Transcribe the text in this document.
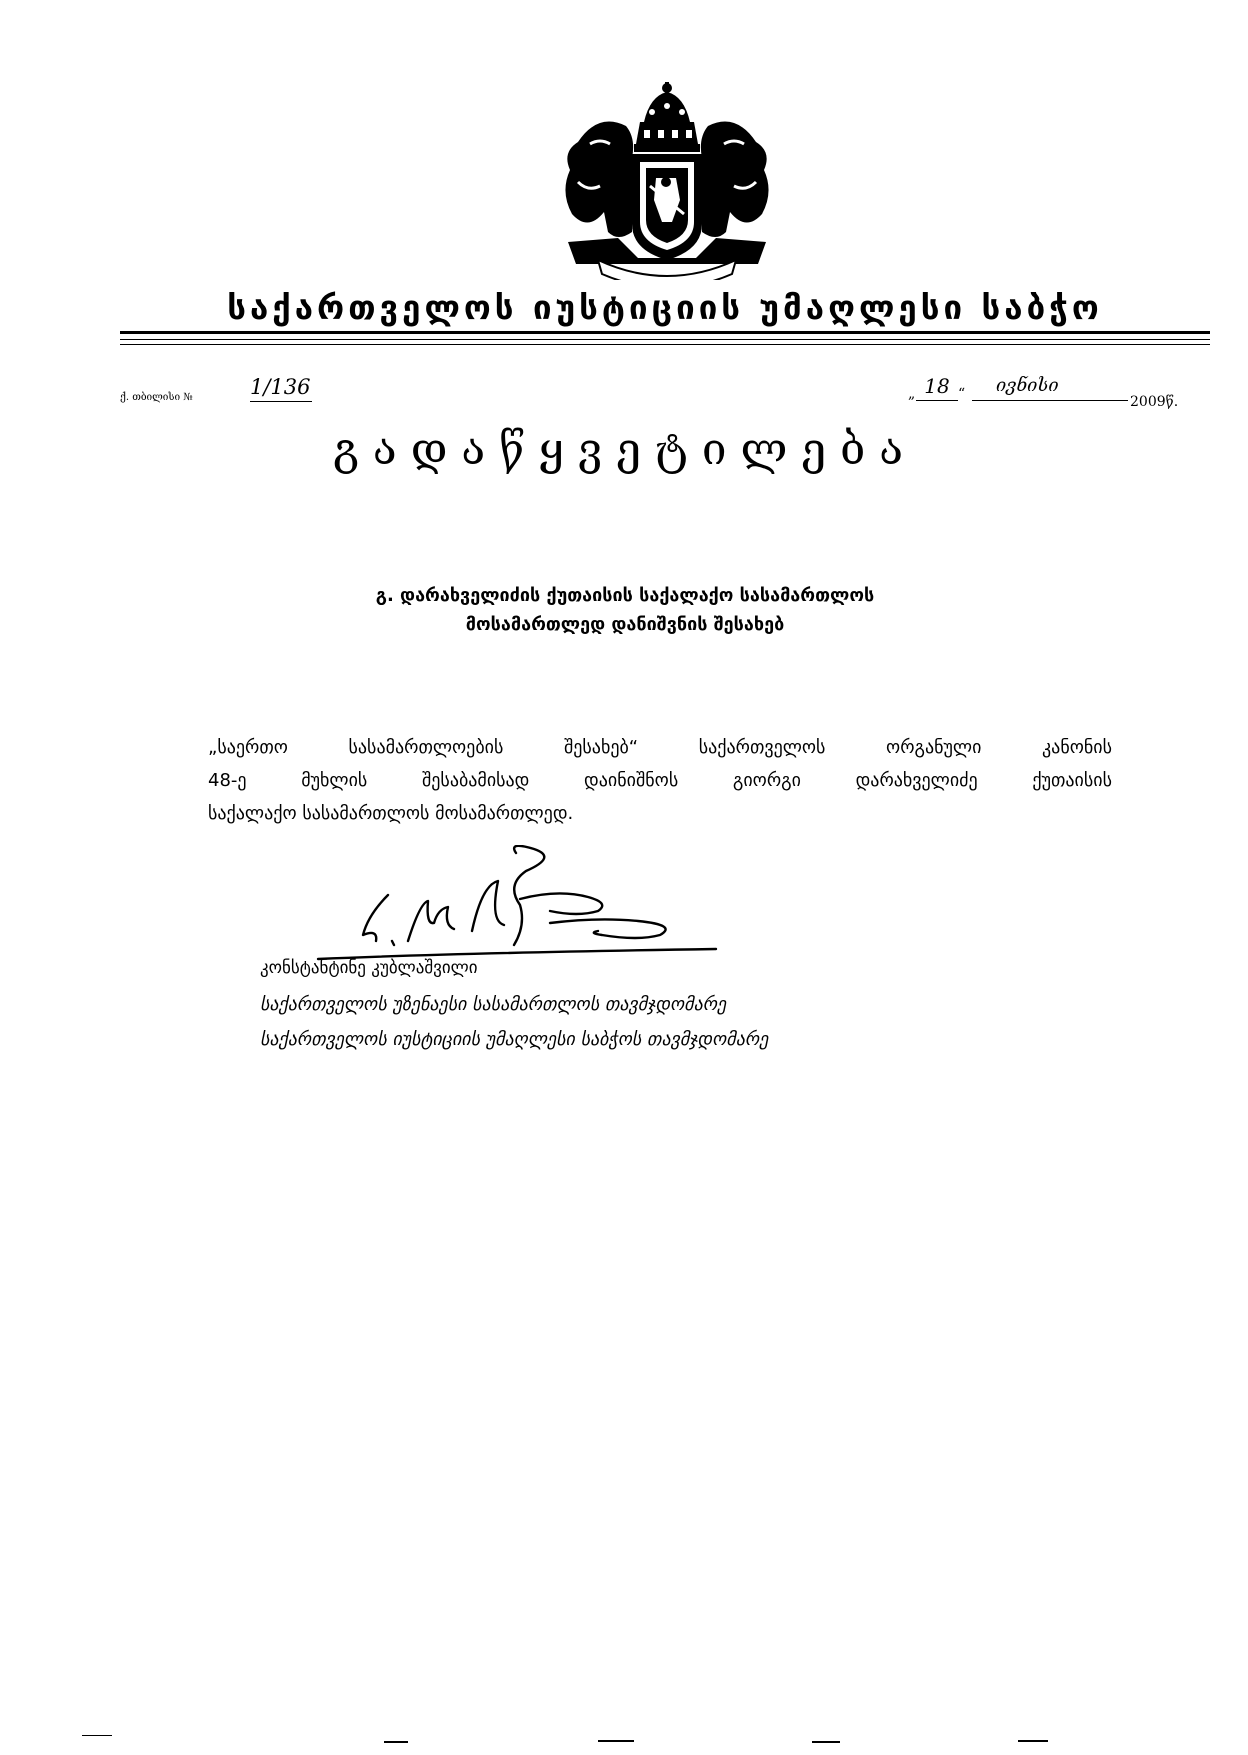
საქართველოს იუსტიციის უმაღლესი საბჭო
ქ. თბილისი №	1/136	„ 18 “	ივნისი
2009წ.
გადაწყვეტილება
გ. დარახველიძის ქუთაისის საქალაქო სასამართლოს
მოსამართლედ დანიშვნის შესახებ
„საერთო სასამართლოების შესახებ“ საქართველოს ორგანული კანონის
48-ე მუხლის შესაბამისად დაინიშნოს გიორგი დარახველიძე ქუთაისის
საქალაქო სასამართლოს მოსამართლედ.
კონსტანტინე კუბლაშვილი
საქართველოს უზენაესი სასამართლოს თავმჯდომარე
საქართველოს იუსტიციის უმაღლესი საბჭოს თავმჯდომარე
